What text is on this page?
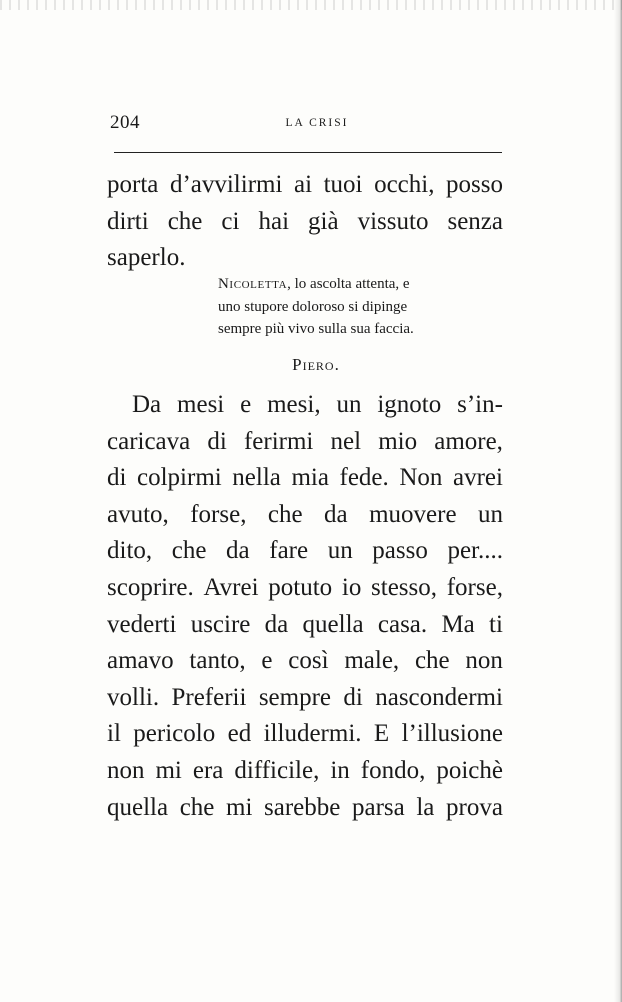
204	LA CRISI
porta d’avvilirmi ai tuoi occhi, posso
dirti che ci hai già vissuto senza
saperlo.
Nicoletta, lo ascolta attenta, e
uno stupore doloroso si dipinge
sempre più vivo sulla sua faccia.
Piero.
Da mesi e mesi, un ignoto s’in-
caricava di ferirmi nel mio amore,
di colpirmi nella mia fede. Non avrei
avuto, forse, che da muovere un
dito, che da fare un passo per....
scoprire. Avrei potuto io stesso, forse,
vederti uscire da quella casa. Ma ti
amavo tanto, e così male, che non
volli. Preferii sempre di nascondermi
il pericolo ed illudermi. E l’illusione
non mi era difficile, in fondo, poichè
quella che mi sarebbe parsa la prova
